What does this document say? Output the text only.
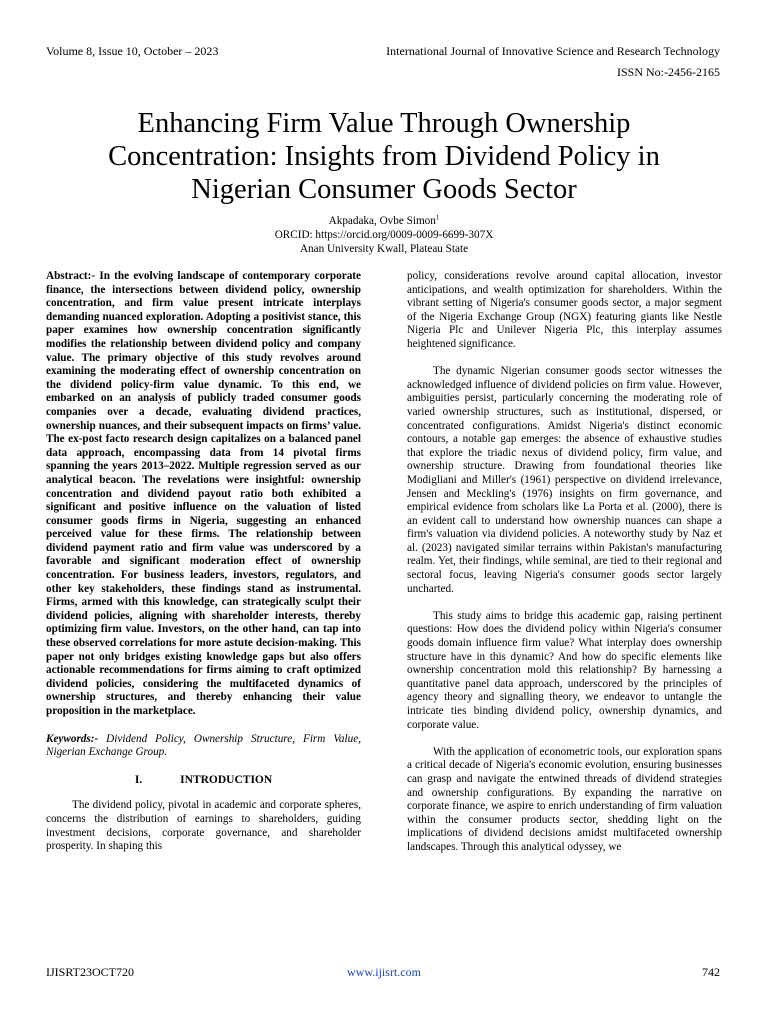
Volume 8, Issue 10, October – 2023	International Journal of Innovative Science and Research Technology
ISSN No:-2456-2165
Enhancing Firm Value Through Ownership Concentration: Insights from Dividend Policy in Nigerian Consumer Goods Sector
Akpadaka, Ovbe Simon$^1$
ORCID: https://orcid.org/0009-0009-6699-307X
Anan University Kwall, Plateau State

Abstract:- In the evolving landscape of contemporary corporate finance, the intersections between dividend policy, ownership concentration, and firm value present intricate interplays demanding nuanced exploration. Adopting a positivist stance, this paper examines how ownership concentration significantly modifies the relationship between dividend policy and company value. The primary objective of this study revolves around examining the moderating effect of ownership concentration on the dividend policy-firm value dynamic. To this end, we embarked on an analysis of publicly traded consumer goods companies over a decade, evaluating dividend practices, ownership nuances, and their subsequent impacts on firms’ value. The ex-post facto research design capitalizes on a balanced panel data approach, encompassing data from 14 pivotal firms spanning the years 2013–2022. Multiple regression served as our analytical beacon. The revelations were insightful: ownership concentration and dividend payout ratio both exhibited a significant and positive influence on the valuation of listed consumer goods firms in Nigeria, suggesting an enhanced perceived value for these firms. The relationship between dividend payment ratio and firm value was underscored by a favorable and significant moderation effect of ownership concentration. For business leaders, investors, regulators, and other key stakeholders, these findings stand as instrumental. Firms, armed with this knowledge, can strategically sculpt their dividend policies, aligning with shareholder interests, thereby optimizing firm value. Investors, on the other hand, can tap into these observed correlations for more astute decision-making. This paper not only bridges existing knowledge gaps but also offers actionable recommendations for firms aiming to craft optimized dividend policies, considering the multifaceted dynamics of ownership structures, and thereby enhancing their value proposition in the marketplace.

Keywords:- Dividend Policy, Ownership Structure, Firm Value, Nigerian Exchange Group.

I.	INTRODUCTION

The dividend policy, pivotal in academic and corporate spheres, concerns the distribution of earnings to shareholders, guiding investment decisions, corporate governance, and shareholder prosperity. In shaping this

policy, considerations revolve around capital allocation, investor anticipations, and wealth optimization for shareholders. Within the vibrant setting of Nigeria's consumer goods sector, a major segment of the Nigeria Exchange Group (NGX) featuring giants like Nestle Nigeria Plc and Unilever Nigeria Plc, this interplay assumes heightened significance.

The dynamic Nigerian consumer goods sector witnesses the acknowledged influence of dividend policies on firm value. However, ambiguities persist, particularly concerning the moderating role of varied ownership structures, such as institutional, dispersed, or concentrated configurations. Amidst Nigeria's distinct economic contours, a notable gap emerges: the absence of exhaustive studies that explore the triadic nexus of dividend policy, firm value, and ownership structure. Drawing from foundational theories like Modigliani and Miller's (1961) perspective on dividend irrelevance, Jensen and Meckling's (1976) insights on firm governance, and empirical evidence from scholars like La Porta et al. (2000), there is an evident call to understand how ownership nuances can shape a firm's valuation via dividend policies. A noteworthy study by Naz et al. (2023) navigated similar terrains within Pakistan's manufacturing realm. Yet, their findings, while seminal, are tied to their regional and sectoral focus, leaving Nigeria's consumer goods sector largely uncharted.

This study aims to bridge this academic gap, raising pertinent questions: How does the dividend policy within Nigeria's consumer goods domain influence firm value? What interplay does ownership structure have in this dynamic? And how do specific elements like ownership concentration mold this relationship? By harnessing a quantitative panel data approach, underscored by the principles of agency theory and signalling theory, we endeavor to untangle the intricate ties binding dividend policy, ownership dynamics, and corporate value.

With the application of econometric tools, our exploration spans a critical decade of Nigeria's economic evolution, ensuring businesses can grasp and navigate the entwined threads of dividend strategies and ownership configurations. By expanding the narrative on corporate finance, we aspire to enrich understanding of firm valuation within the consumer products sector, shedding light on the implications of dividend decisions amidst multifaceted ownership landscapes. Through this analytical odyssey, we

IJISRT23OCT720	www.ijisrt.com	742
